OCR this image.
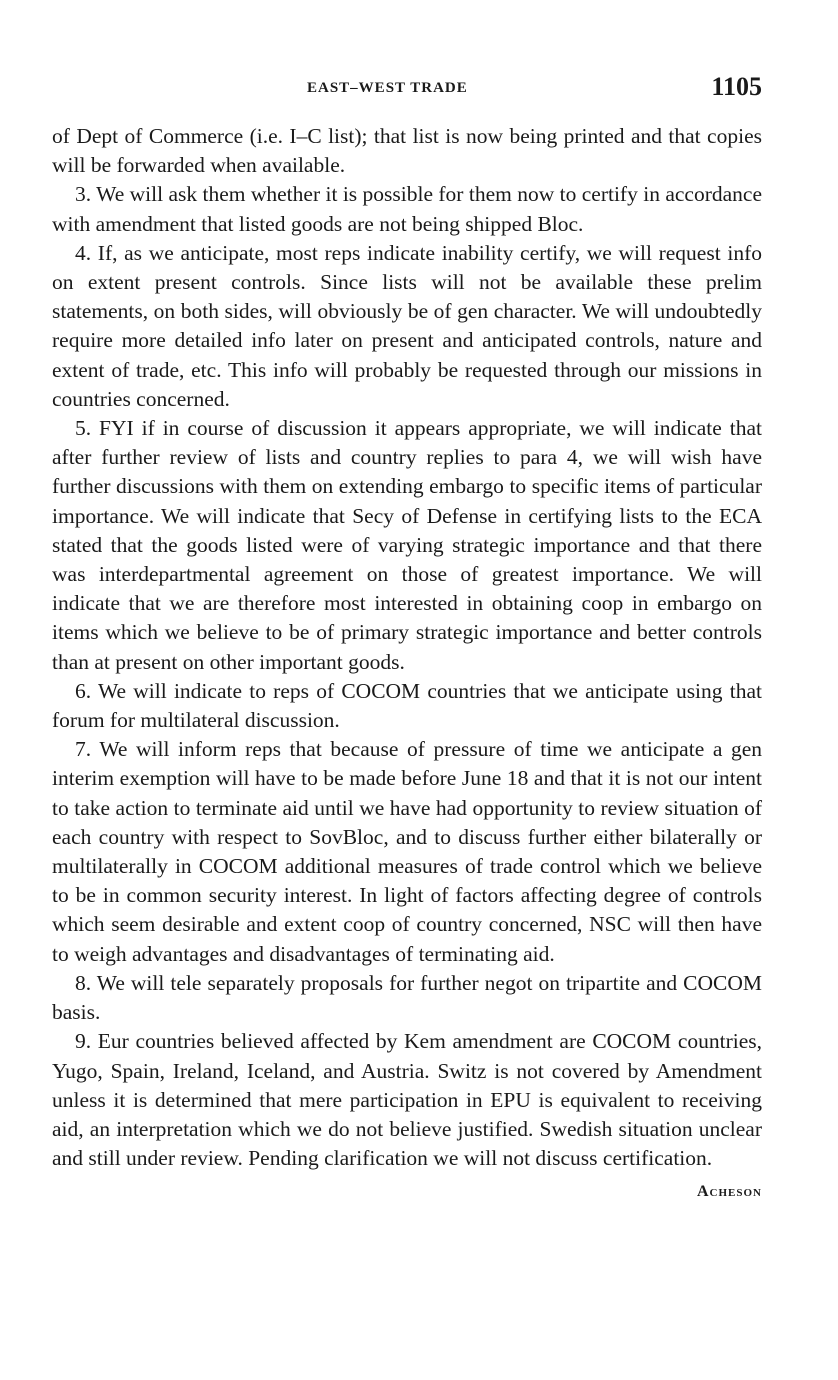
EAST–WEST TRADE	1105

of Dept of Commerce (i.e. I–C list); that list is now being printed and that copies will be forwarded when available.

3. We will ask them whether it is possible for them now to certify in accordance with amendment that listed goods are not being shipped Bloc.

4. If, as we anticipate, most reps indicate inability certify, we will request info on extent present controls. Since lists will not be available these prelim statements, on both sides, will obviously be of gen character. We will undoubtedly require more detailed info later on present and anticipated controls, nature and extent of trade, etc. This info will probably be requested through our missions in countries concerned.

5. FYI if in course of discussion it appears appropriate, we will indicate that after further review of lists and country replies to para 4, we will wish have further discussions with them on extending embargo to specific items of particular importance. We will indicate that Secy of Defense in certifying lists to the ECA stated that the goods listed were of varying strategic importance and that there was interdepartmental agreement on those of greatest importance. We will indicate that we are therefore most interested in obtaining coop in embargo on items which we believe to be of primary strategic importance and better controls than at present on other important goods.

6. We will indicate to reps of COCOM countries that we anticipate using that forum for multilateral discussion.

7. We will inform reps that because of pressure of time we anticipate a gen interim exemption will have to be made before June 18 and that it is not our intent to take action to terminate aid until we have had opportunity to review situation of each country with respect to SovBloc, and to discuss further either bilaterally or multilaterally in COCOM additional measures of trade control which we believe to be in common security interest. In light of factors affecting degree of controls which seem desirable and extent coop of country concerned, NSC will then have to weigh advantages and disadvantages of terminating aid.

8. We will tele separately proposals for further negot on tripartite and COCOM basis.

9. Eur countries believed affected by Kem amendment are COCOM countries, Yugo, Spain, Ireland, Iceland, and Austria. Switz is not covered by Amendment unless it is determined that mere participation in EPU is equivalent to receiving aid, an interpretation which we do not believe justified. Swedish situation unclear and still under review. Pending clarification we will not discuss certification.

Acheson
